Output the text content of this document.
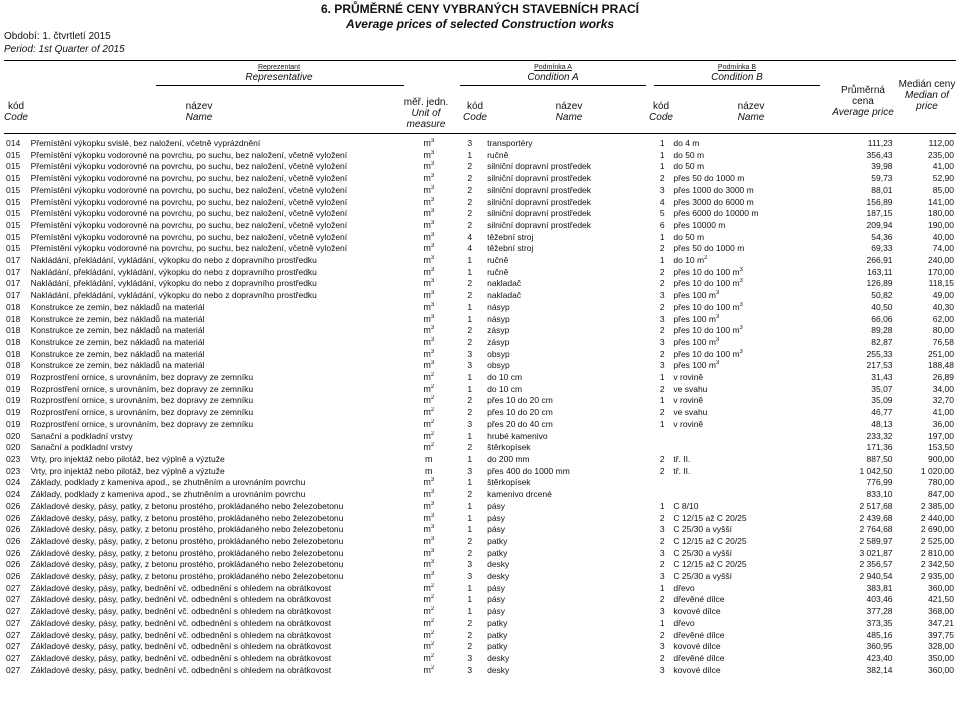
6. PRŮMĚRNÉ CENY VYBRANÝCH STAVEBNÍCH PRACÍ
Average prices of selected Construction works
Období: 1. čtvrtletí 2015
Period: 1st Quarter of 2015
Reprezentant
Representative
Podmínka A
Condition A
Podmínka B
Condition B
kód
Code
název
Name
měř. jedn.
Unit of
measure
kód
Code
název
Name
kód
Code
název
Name
Průměrná cena
Average price
Medián ceny
Median of
price
014	Přemístění výkopku svislé, bez naložení, včetně vyprázdnění	$m^3$	3	transportéry	1	do 4 m	111,23	112,00
015	Přemístění výkopku vodorovné na povrchu, po suchu, bez naložení, včetně vyložení	$m^3$	1	ručně	1	do 50 m	356,43	235,00
015	Přemístění výkopku vodorovné na povrchu, po suchu, bez naložení, včetně vyložení	$m^3$	2	silniční dopravní prostředek	1	do 50 m	39,98	41,00
015	Přemístění výkopku vodorovné na povrchu, po suchu, bez naložení, včetně vyložení	$m^3$	2	silniční dopravní prostředek	2	přes 50 do 1000 m	59,73	52,90
015	Přemístění výkopku vodorovné na povrchu, po suchu, bez naložení, včetně vyložení	$m^3$	2	silniční dopravní prostředek	3	přes 1000 do 3000 m	88,01	85,00
015	Přemístění výkopku vodorovné na povrchu, po suchu, bez naložení, včetně vyložení	$m^3$	2	silniční dopravní prostředek	4	přes 3000 do 6000 m	156,89	141,00
015	Přemístění výkopku vodorovné na povrchu, po suchu, bez naložení, včetně vyložení	$m^3$	2	silniční dopravní prostředek	5	přes 6000 do 10000 m	187,15	180,00
015	Přemístění výkopku vodorovné na povrchu, po suchu, bez naložení, včetně vyložení	$m^3$	2	silniční dopravní prostředek	6	přes 10000 m	209,94	190,00
015	Přemístění výkopku vodorovné na povrchu, po suchu, bez naložení, včetně vyložení	$m^3$	4	těžební stroj	1	do 50 m	54,36	40,00
015	Přemístění výkopku vodorovné na povrchu, po suchu, bez naložení, včetně vyložení	$m^3$	4	těžební stroj	2	přes 50 do 1000 m	69,33	74,00
017	Nakládání, překládání, vykládání, výkopku do nebo z dopravního prostředku	$m^3$	1	ručně	1	do 10 $m^2$	266,91	240,00
017	Nakládání, překládání, vykládání, výkopku do nebo z dopravního prostředku	$m^3$	1	ručně	2	přes 10 do 100 $m^3$	163,11	170,00
017	Nakládání, překládání, vykládání, výkopku do nebo z dopravního prostředku	$m^3$	2	nakladač	2	přes 10 do 100 $m^3$	126,89	118,15
017	Nakládání, překládání, vykládání, výkopku do nebo z dopravního prostředku	$m^3$	2	nakladač	3	přes 100 $m^3$	50,82	49,00
018	Konstrukce ze zemin, bez nákladů na materiál	$m^3$	1	násyp	2	přes 10 do 100 $m^3$	40,50	40,30
018	Konstrukce ze zemin, bez nákladů na materiál	$m^3$	1	násyp	3	přes 100 $m^3$	66,06	62,00
018	Konstrukce ze zemin, bez nákladů na materiál	$m^3$	2	zásyp	2	přes 10 do 100 $m^3$	89,28	80,00
018	Konstrukce ze zemin, bez nákladů na materiál	$m^3$	2	zásyp	3	přes 100 $m^3$	82,87	76,58
018	Konstrukce ze zemin, bez nákladů na materiál	$m^3$	3	obsyp	2	přes 10 do 100 $m^3$	255,33	251,00
018	Konstrukce ze zemin, bez nákladů na materiál	$m^3$	3	obsyp	3	přes 100 $m^3$	217,53	188,48
019	Rozprostření ornice, s urovnáním, bez dopravy ze zemníku	$m^2$	1	do 10 cm	1	v rovině	31,43	26,89
019	Rozprostření ornice, s urovnáním, bez dopravy ze zemníku	$m^2$	1	do 10 cm	2	ve svahu	35,07	34,00
019	Rozprostření ornice, s urovnáním, bez dopravy ze zemníku	$m^2$	2	přes 10 do 20 cm	1	v rovině	35,09	32,70
019	Rozprostření ornice, s urovnáním, bez dopravy ze zemníku	$m^2$	2	přes 10 do 20 cm	2	ve svahu	46,77	41,00
019	Rozprostření ornice, s urovnáním, bez dopravy ze zemníku	$m^2$	3	přes 20 do 40 cm	1	v rovině	48,13	36,00
020	Sanační a podkladní vrstvy	$m^2$	1	hrubé kamenivo			233,32	197,00
020	Sanační a podkladní vrstvy	$m^2$	2	štěrkopísek			171,36	153,50
023	Vrty, pro injektáž nebo pilotáž, bez výplně a výztuže	m	1	do 200 mm	2	tř. II.	887,50	900,00
023	Vrty, pro injektáž nebo pilotáž, bez výplně a výztuže	m	3	přes 400 do 1000 mm	2	tř. II.	1 042,50	1 020,00
024	Základy, podklady z kameniva apod., se zhutněním a urovnáním povrchu	$m^3$	1	štěrkopísek			776,99	780,00
024	Základy, podklady z kameniva apod., se zhutněním a urovnáním povrchu	$m^3$	2	kamenivo drcené			833,10	847,00
026	Základové desky, pásy, patky, z betonu prostého, prokládaného nebo železobetonu	$m^3$	1	pásy	1	C 8/10	2 517,68	2 385,00
026	Základové desky, pásy, patky, z betonu prostého, prokládaného nebo železobetonu	$m^3$	1	pásy	2	C 12/15 až C 20/25	2 439,68	2 440,00
026	Základové desky, pásy, patky, z betonu prostého, prokládaného nebo železobetonu	$m^3$	1	pásy	3	C 25/30 a vyšší	2 764,68	2 690,00
026	Základové desky, pásy, patky, z betonu prostého, prokládaného nebo železobetonu	$m^3$	2	patky	2	C 12/15 až C 20/25	2 589,97	2 525,00
026	Základové desky, pásy, patky, z betonu prostého, prokládaného nebo železobetonu	$m^3$	2	patky	3	C 25/30 a vyšší	3 021,87	2 810,00
026	Základové desky, pásy, patky, z betonu prostého, prokládaného nebo železobetonu	$m^3$	3	desky	2	C 12/15 až C 20/25	2 356,57	2 342,50
026	Základové desky, pásy, patky, z betonu prostého, prokládaného nebo železobetonu	$m^3$	3	desky	3	C 25/30 a vyšší	2 940,54	2 935,00
027	Základové desky, pásy, patky, bednění vč. odbednění s ohledem na obrátkovost	$m^2$	1	pásy	1	dřevo	383,81	360,00
027	Základové desky, pásy, patky, bednění vč. odbednění s ohledem na obrátkovost	$m^2$	1	pásy	2	dřevěné dílce	403,46	421,50
027	Základové desky, pásy, patky, bednění vč. odbednění s ohledem na obrátkovost	$m^2$	1	pásy	3	kovové dílce	377,28	368,00
027	Základové desky, pásy, patky, bednění vč. odbednění s ohledem na obrátkovost	$m^2$	2	patky	1	dřevo	373,35	347,21
027	Základové desky, pásy, patky, bednění vč. odbednění s ohledem na obrátkovost	$m^2$	2	patky	2	dřevěné dílce	485,16	397,75
027	Základové desky, pásy, patky, bednění vč. odbednění s ohledem na obrátkovost	$m^2$	2	patky	3	kovové dílce	360,95	328,00
027	Základové desky, pásy, patky, bednění vč. odbednění s ohledem na obrátkovost	$m^2$	3	desky	2	dřevěné dílce	423,40	350,00
027	Základové desky, pásy, patky, bednění vč. odbednění s ohledem na obrátkovost	$m^2$	3	desky	3	kovové dílce	382,14	360,00
